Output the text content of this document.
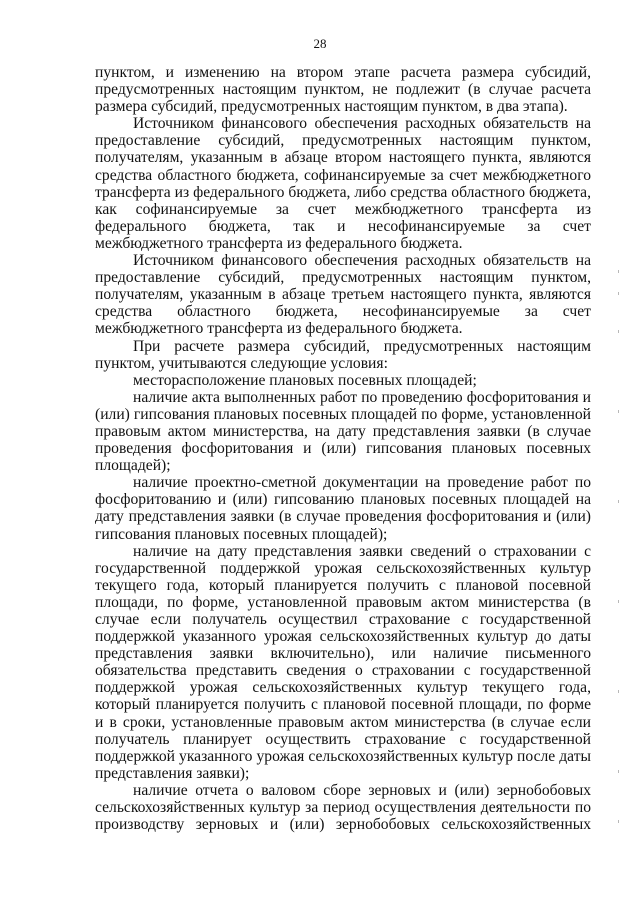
28

пунктом, и изменению на втором этапе расчета размера субсидий, предусмотренных настоящим пунктом, не подлежит (в случае расчета размера субсидий, предусмотренных настоящим пунктом, в два этапа).

Источником финансового обеспечения расходных обязательств на предоставление субсидий, предусмотренных настоящим пунктом, получателям, указанным в абзаце втором настоящего пункта, являются средства областного бюджета, софинансируемые за счет межбюджетного трансферта из федерального бюджета, либо средства областного бюджета, как софинансируемые за счет межбюджетного трансферта из федерального бюджета, так и несофинансируемые за счет межбюджетного трансферта из федерального бюджета.

Источником финансового обеспечения расходных обязательств на предоставление субсидий, предусмотренных настоящим пунктом, получателям, указанным в абзаце третьем настоящего пункта, являются средства областного бюджета, несофинансируемые за счет межбюджетного трансферта из федерального бюджета.

При расчете размера субсидий, предусмотренных настоящим пунктом, учитываются следующие условия:

месторасположение плановых посевных площадей;

наличие акта выполненных работ по проведению фосфоритования и (или) гипсования плановых посевных площадей по форме, установленной правовым актом министерства, на дату представления заявки (в случае проведения фосфоритования и (или) гипсования плановых посевных площадей);

наличие проектно-сметной документации на проведение работ по фосфоритованию и (или) гипсованию плановых посевных площадей на дату представления заявки (в случае проведения фосфоритования и (или) гипсования плановых посевных площадей);

наличие на дату представления заявки сведений о страховании с государственной поддержкой урожая сельскохозяйственных культур текущего года, который планируется получить с плановой посевной площади, по форме, установленной правовым актом министерства (в случае если получатель осуществил страхование с государственной поддержкой указанного урожая сельскохозяйственных культур до даты представления заявки включительно), или наличие письменного обязательства представить сведения о страховании с государственной поддержкой урожая сельскохозяйственных культур текущего года, который планируется получить с плановой посевной площади, по форме и в сроки, установленные правовым актом министерства (в случае если получатель планирует осуществить страхование с государственной поддержкой указанного урожая сельскохозяйственных культур после даты представления заявки);

наличие отчета о валовом сборе зерновых и (или) зернобобовых сельскохозяйственных культур за период осуществления деятельности по производству зерновых и (или) зернобобовых сельскохозяйственных
